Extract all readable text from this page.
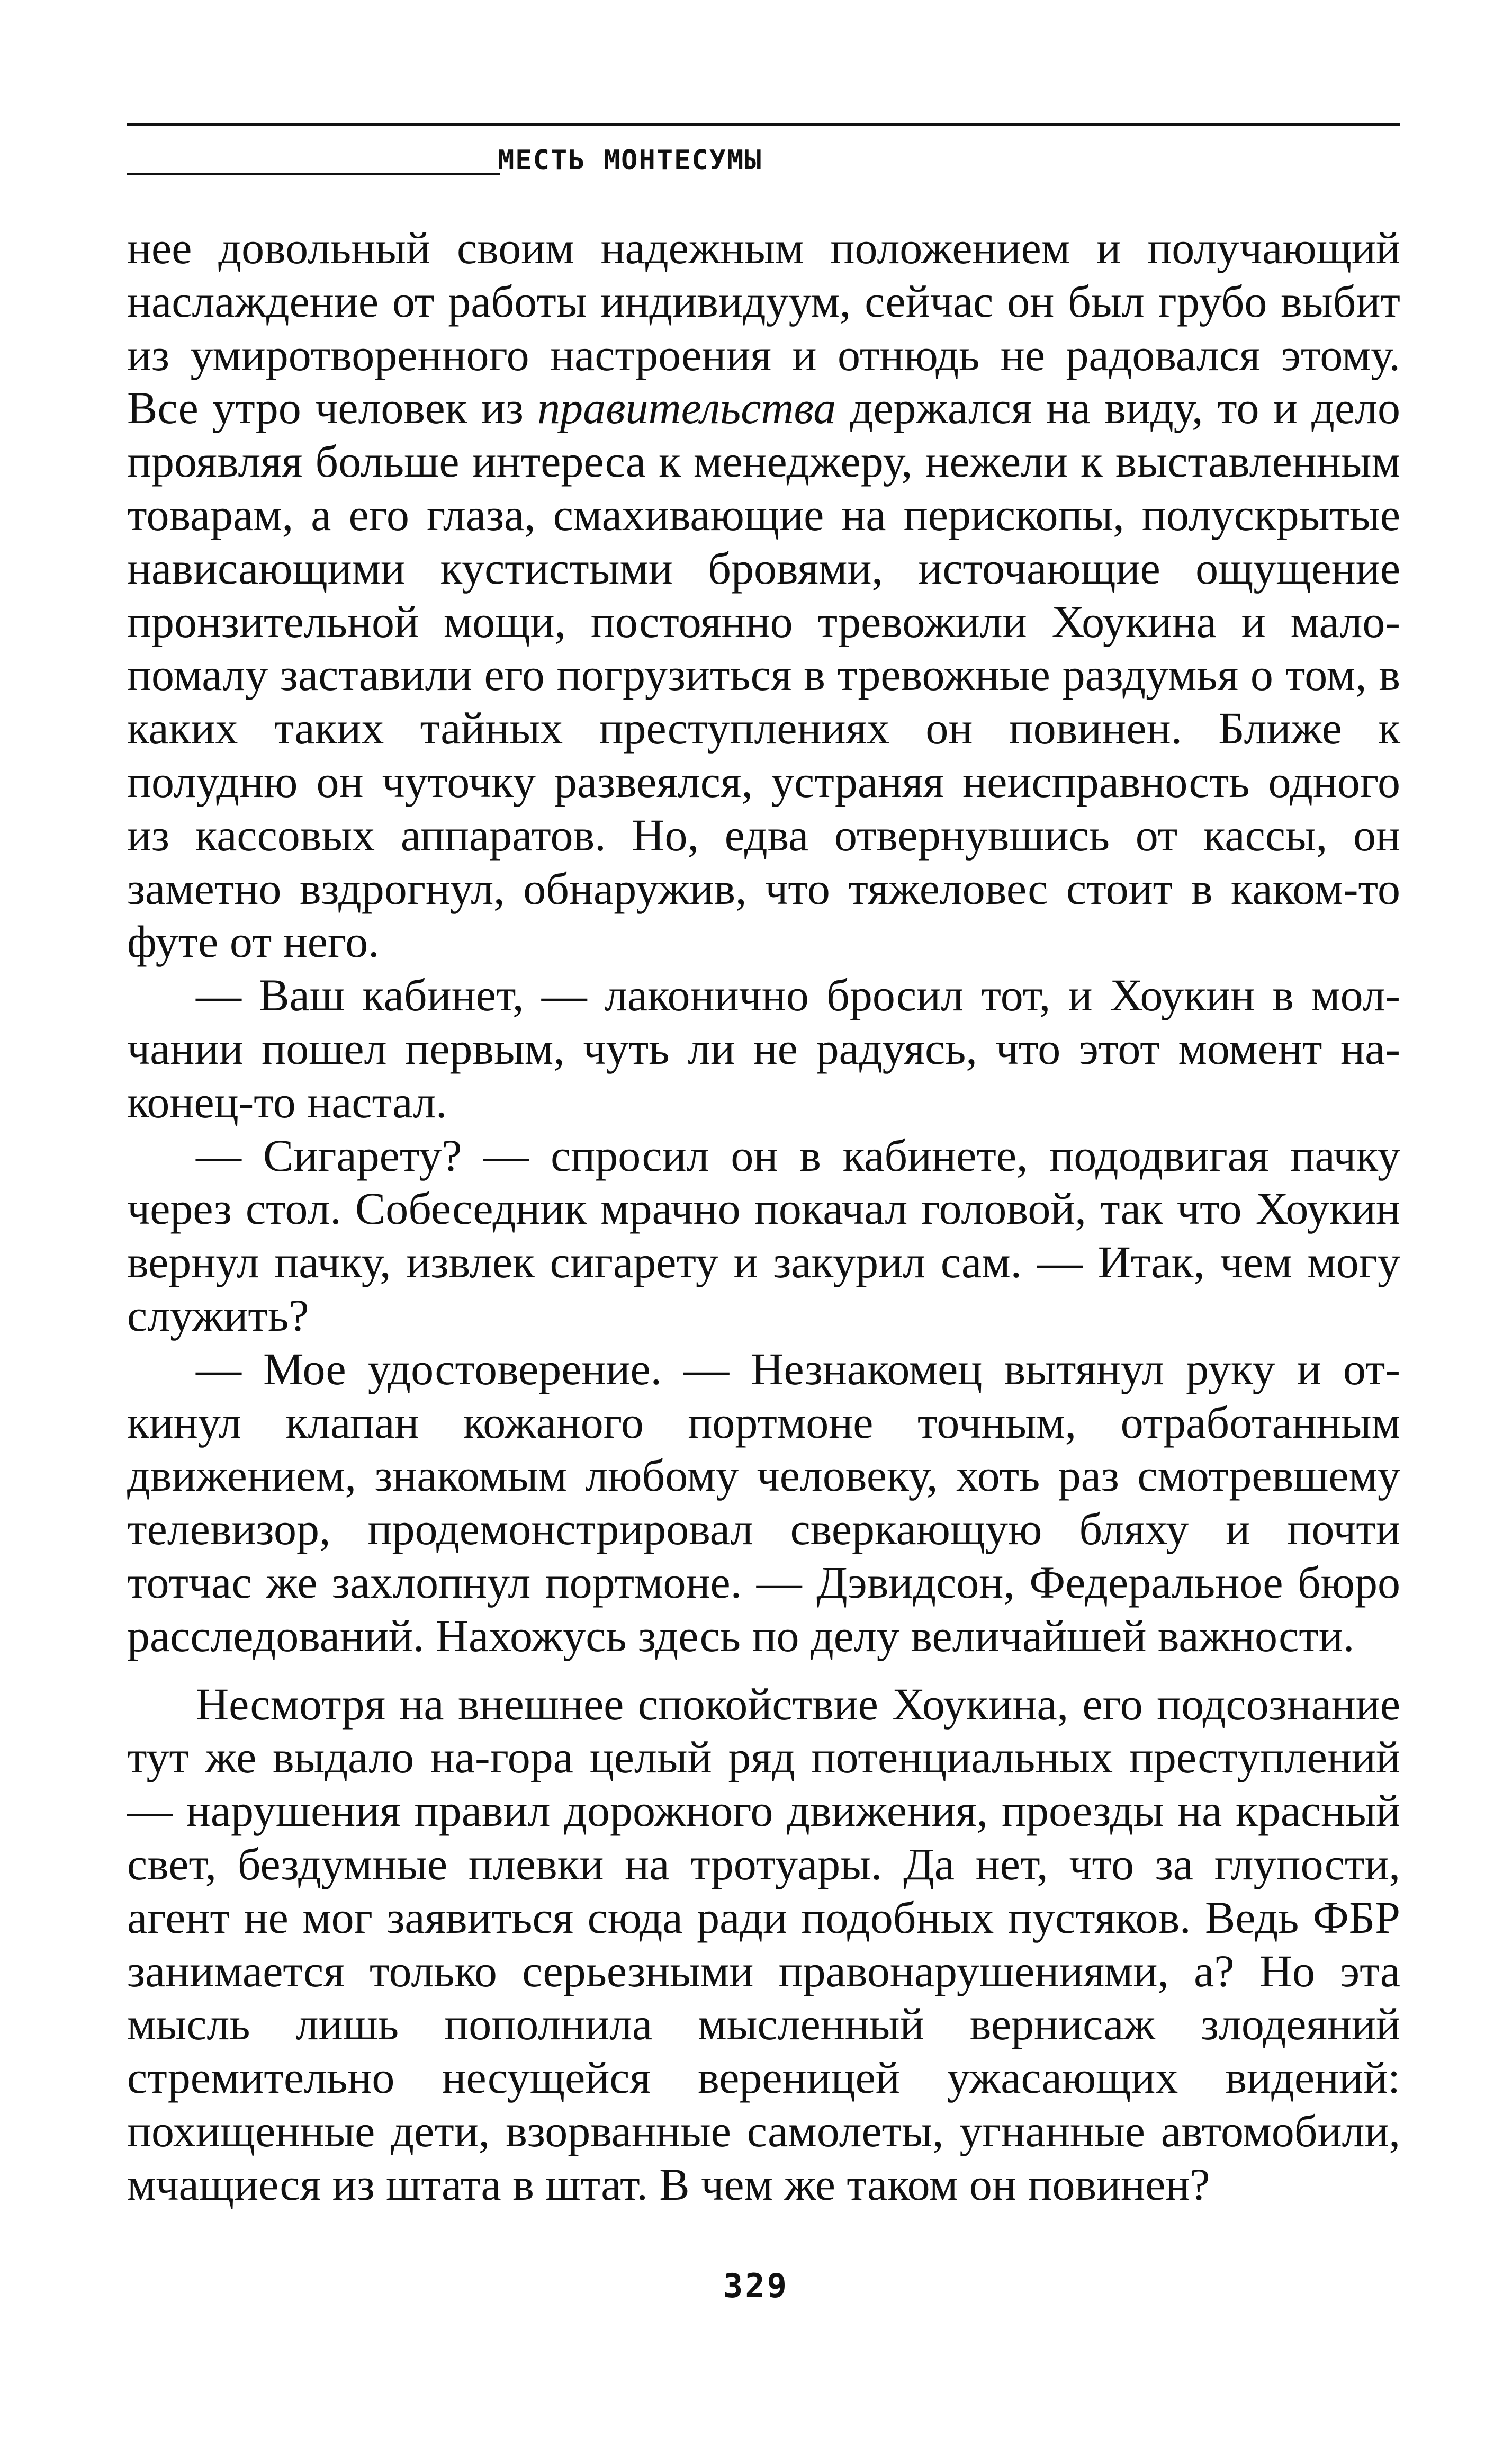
МЕСТЬ МОНТЕСУМЫ

нее довольный своим надежным положением и получающий наслаждение от работы индивидуум, сейчас он был грубо выбит из умиротворенного настроения и отнюдь не радовался этому. Все утро человек из правительства держался на виду, то и дело проявляя больше интереса к менеджеру, нежели к выставленным товарам, а его глаза, смахивающие на перископы, полускрытые нависающими кустистыми бровями, источающие ощущение пронзительной мощи, постоянно тревожили Хоукина и мало-помалу заставили его погрузиться в тревожные раздумья о том, в каких таких тайных преступлениях он повинен. Ближе к полудню он чуточку развеялся, устраняя неисправность одного из кассовых аппаратов. Но, едва отвернувшись от кассы, он заметно вздрогнул, обнаружив, что тяжеловес стоит в каком-то футе от него.

— Ваш кабинет, — лаконично бросил тот, и Хоукин в молчании пошел первым, чуть ли не радуясь, что этот момент наконец-то настал.

— Сигарету? — спросил он в кабинете, пододвигая пачку через стол. Собеседник мрачно покачал головой, так что Хоукин вернул пачку, извлек сигарету и закурил сам. — Итак, чем могу служить?

— Мое удостоверение. — Незнакомец вытянул руку и откинул клапан кожаного портмоне точным, отработанным движением, знакомым любому человеку, хоть раз смотревшему телевизор, продемонстрировал сверкающую бляху и почти тотчас же захлопнул портмоне. — Дэвидсон, Федеральное бюро расследований. Нахожусь здесь по делу величайшей важности.

Несмотря на внешнее спокойствие Хоукина, его подсознание тут же выдало на-гора целый ряд потенциальных преступлений — нарушения правил дорожного движения, проезды на красный свет, бездумные плевки на тротуары. Да нет, что за глупости, агент не мог заявиться сюда ради подобных пустяков. Ведь ФБР занимается только серьезными правонарушениями, а? Но эта мысль лишь пополнила мысленный вернисаж злодеяний стремительно несущейся вереницей ужасающих видений: похищенные дети, взорванные самолеты, угнанные автомобили, мчащиеся из штата в штат. В чем же таком он повинен?

329
